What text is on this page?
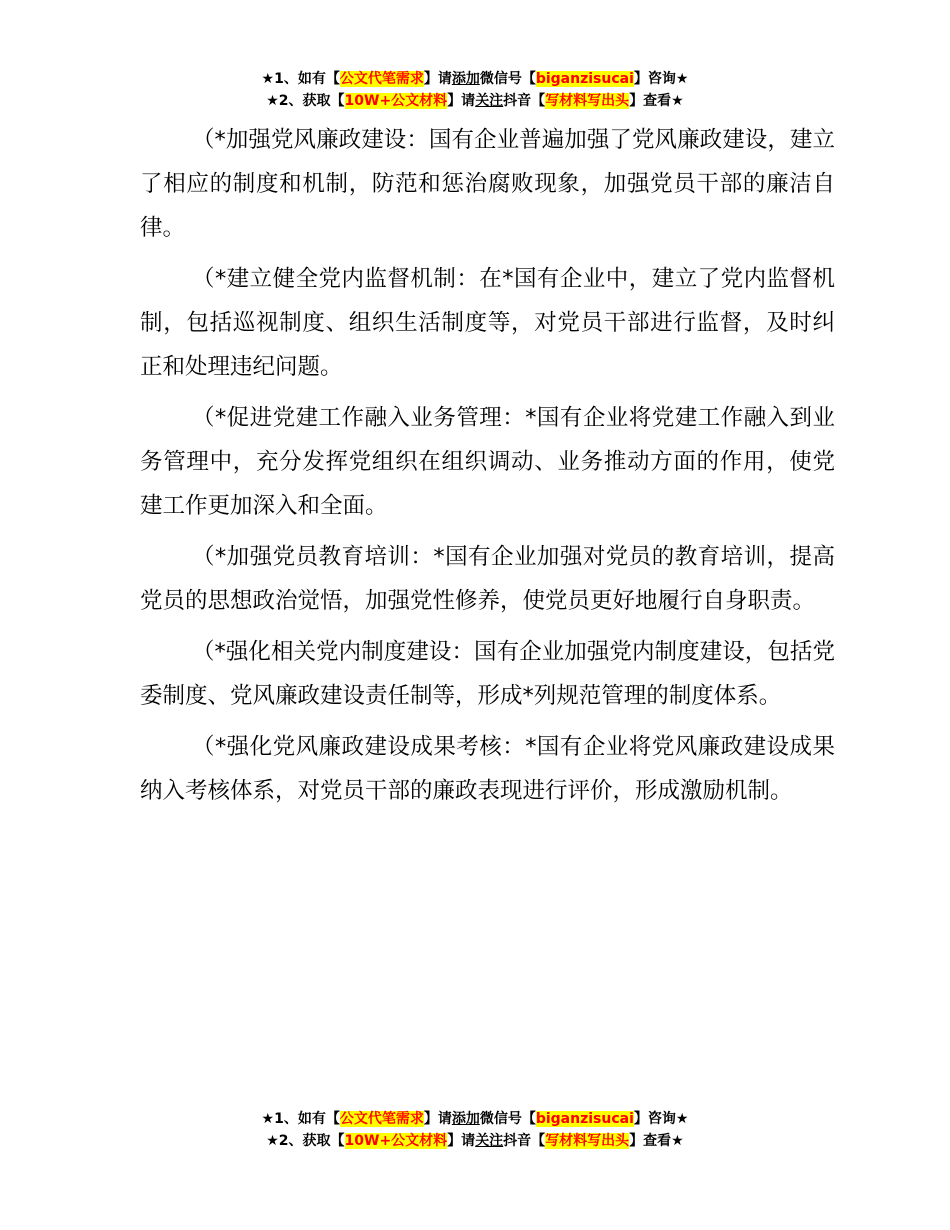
★1、如有【公文代笔需求】请添加微信号【biganzisucai】咨询★
★2、获取【10W+公文材料】请关注抖音【写材料写出头】查看★

（*加强党风廉政建设：国有企业普遍加强了党风廉政建设，建立了相应的制度和机制，防范和惩治腐败现象，加强党员干部的廉洁自律。

（*建立健全党内监督机制：在*国有企业中，建立了党内监督机制，包括巡视制度、组织生活制度等，对党员干部进行监督，及时纠正和处理违纪问题。

（*促进党建工作融入业务管理：*国有企业将党建工作融入到业务管理中，充分发挥党组织在组织调动、业务推动方面的作用，使党建工作更加深入和全面。

（*加强党员教育培训：*国有企业加强对党员的教育培训，提高党员的思想政治觉悟，加强党性修养，使党员更好地履行自身职责。

（*强化相关党内制度建设：国有企业加强党内制度建设，包括党委制度、党风廉政建设责任制等，形成*列规范管理的制度体系。

（*强化党风廉政建设成果考核：*国有企业将党风廉政建设成果纳入考核体系，对党员干部的廉政表现进行评价，形成激励机制。

★1、如有【公文代笔需求】请添加微信号【biganzisucai】咨询★
★2、获取【10W+公文材料】请关注抖音【写材料写出头】查看★
